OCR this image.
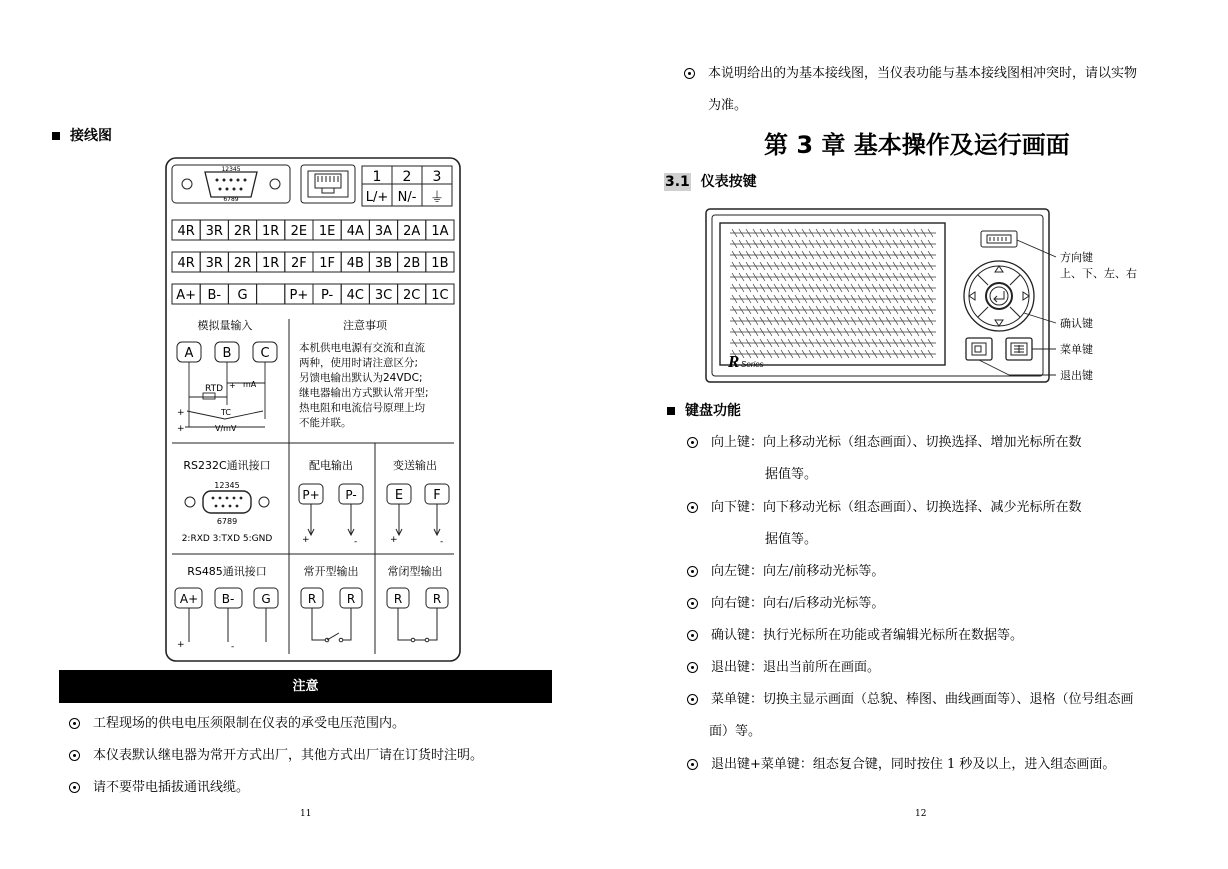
接线图
12345
6789
1 2 3
L/+ N/- ⏚
4R 3R 2R 1R 2E 1E 4A 3A 2A 1A
4R 3R 2R 1R 2F 1F 4B 3B 2B 1B
A+ B- G	P+ P- 4C 3C 2C 1C
模拟量输入
A B C
RTD + mA
TC
+
+	V/mV
注意事项
本机供电电源有交流和直流
两种，使用时请注意区分;
另馈电输出默认为24VDC;
继电器输出方式默认常开型;
热电阻和电流信号原理上均
不能并联。
RS232C通讯接口
12345
6789
2:RXD 3:TXD 5:GND
配电输出
P+ P-
+	-
变送输出
E F
+	-
RS485通讯接口
A+ B- G
+	-
常开型输出
R	R
常闭型输出
R	R
注意
工程现场的供电电压须限制在仪表的承受电压范围内。
本仪表默认继电器为常开方式出厂，其他方式出厂请在订货时注明。
请不要带电插拔通讯线缆。
11
本说明给出的为基本接线图，当仪表功能与基本接线图相冲突时，请以实物
为准。
第 3 章 基本操作及运行画面
3.1 仪表按键
R Series
方向键
上、下、左、右
确认键
菜单键
退出键
键盘功能
向上键：向上移动光标（组态画面）、切换选择、增加光标所在数
据值等。
向下键：向下移动光标（组态画面）、切换选择、减少光标所在数
据值等。
向左键：向左/前移动光标等。
向右键：向右/后移动光标等。
确认键：执行光标所在功能或者编辑光标所在数据等。
退出键：退出当前所在画面。
菜单键：切换主显示画面（总貌、棒图、曲线画面等）、退格（位号组态画
面）等。
退出键+菜单键：组态复合键，同时按住 1 秒及以上，进入组态画面。
12
